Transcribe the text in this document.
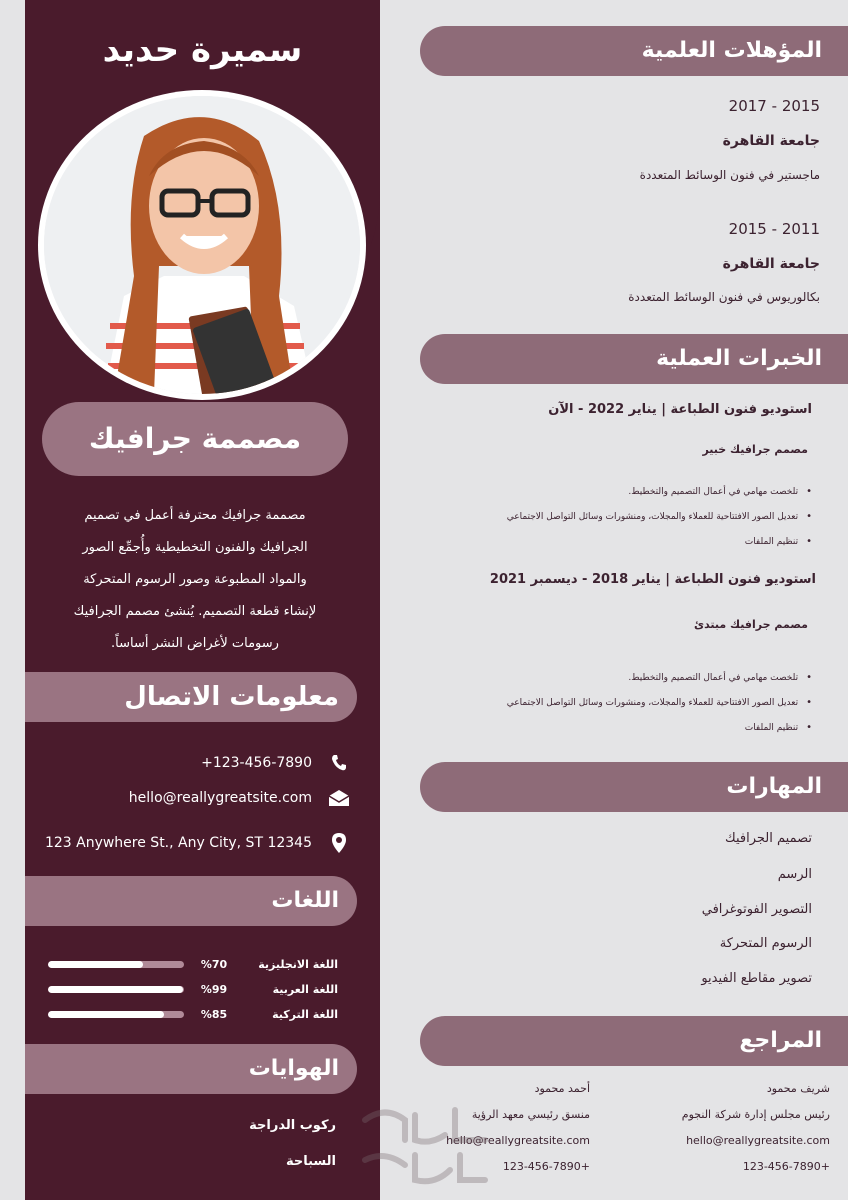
سميرة حديد
مصممة جرافيك
مصممة جرافيك محترفة أعمل في تصميم
الجرافيك والفنون التخطيطية وأُجمِّع الصور
والمواد المطبوعة وصور الرسوم المتحركة
لإنشاء قطعة التصميم. يُنشئ مصمم الجرافيك
رسومات لأغراض النشر أساساً.
معلومات الاتصال
+123-456-7890
hello@reallygreatsite.com
123 Anywhere St., Any City, ST 12345
اللغات
%70	اللغة الانجليزية
%99	اللغة العربية
%85	اللغة التركية
الهوايات
ركوب الدراجة
السباحة
المؤهلات العلمية
2015 - 2017
جامعة القاهرة
ماجستير في فنون الوسائط المتعددة
2011 - 2015
جامعة القاهرة
بكالوريوس في فنون الوسائط المتعددة
الخبرات العملية
استوديو فنون الطباعة | يناير 2022 - الآن
مصمم جرافيك خبير
• تلخصت مهامي في أعمال التصميم والتخطيط.
• تعديل الصور الافتتاحية للعملاء والمجلات، ومنشورات وسائل التواصل الاجتماعي
• تنظيم الملفات
استوديو فنون الطباعة | يناير 2018 - ديسمبر 2021
مصمم جرافيك مبتدئ
• تلخصت مهامي في أعمال التصميم والتخطيط.
• تعديل الصور الافتتاحية للعملاء والمجلات، ومنشورات وسائل التواصل الاجتماعي
• تنظيم الملفات
المهارات
تصميم الجرافيك
الرسم
التصوير الفوتوغرافي
الرسوم المتحركة
تصوير مقاطع الفيديو
المراجع
شريف محمود
رئيس مجلس إدارة شركة النجوم
hello@reallygreatsite.com
+123-456-7890
أحمد محمود
منسق رئيسي معهد الرؤية
hello@reallygreatsite.com
+123-456-7890
